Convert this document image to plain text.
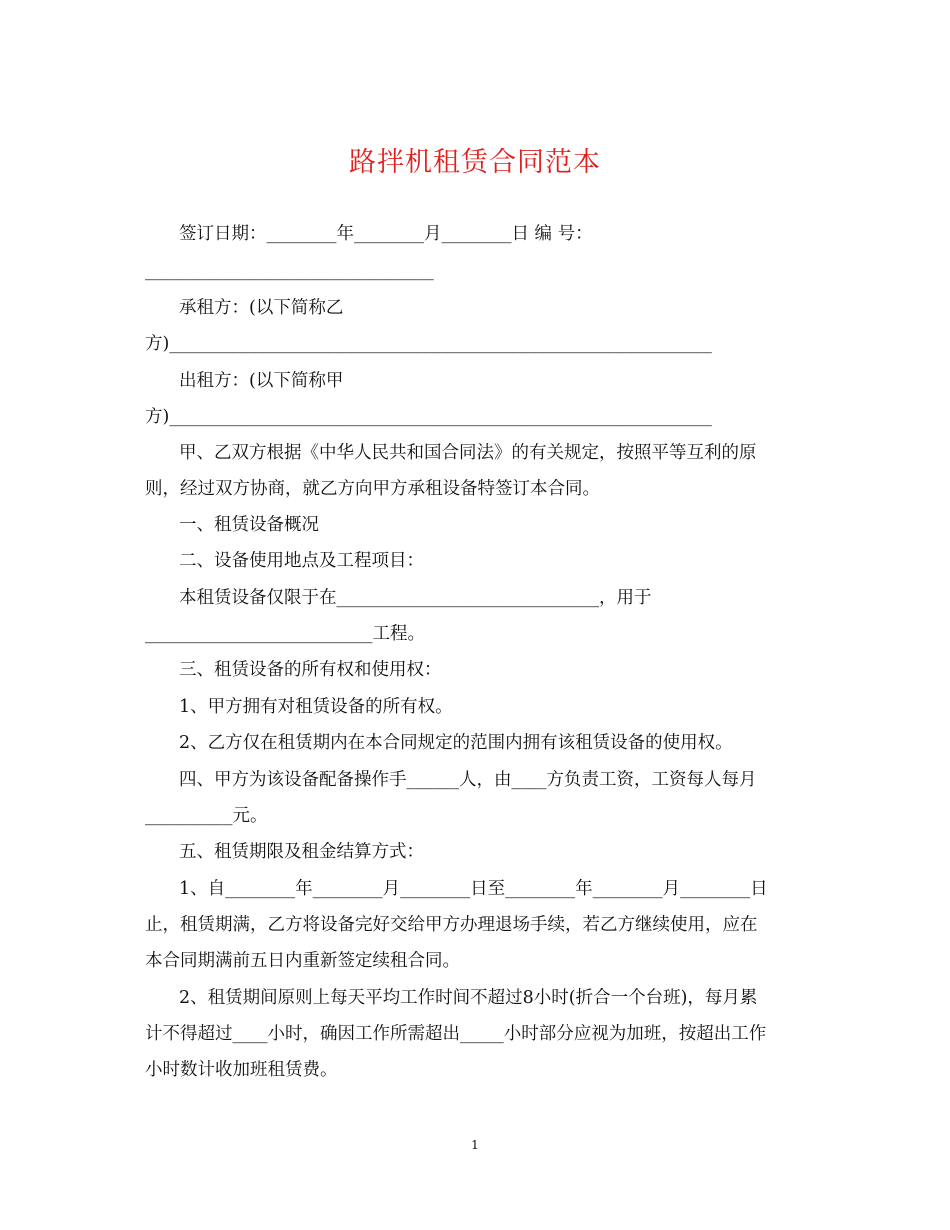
路拌机租赁合同范本
签订日期：________年________月________日 编 号：
_________________________________
承租方：(以下简称乙
方)______________________________________________________________
出租方：(以下简称甲
方)______________________________________________________________
甲、乙双方根据《中华人民共和国合同法》的有关规定，按照平等互利的原
则，经过双方协商，就乙方向甲方承租设备特签订本合同。
一、租赁设备概况
二、设备使用地点及工程项目：
本租赁设备仅限于在______________________________，用于
__________________________工程。
三、租赁设备的所有权和使用权：
1、甲方拥有对租赁设备的所有权。
2、乙方仅在租赁期内在本合同规定的范围内拥有该租赁设备的使用权。
四、甲方为该设备配备操作手______人，由____方负责工资，工资每人每月
__________元。
五、租赁期限及租金结算方式：
1、自________年________月________日至________年________月________日
止，租赁期满，乙方将设备完好交给甲方办理退场手续，若乙方继续使用，应在
本合同期满前五日内重新签定续租合同。
2、租赁期间原则上每天平均工作时间不超过8小时(折合一个台班)，每月累
计不得超过____小时，确因工作所需超出_____小时部分应视为加班，按超出工作
小时数计收加班租赁费。
1
